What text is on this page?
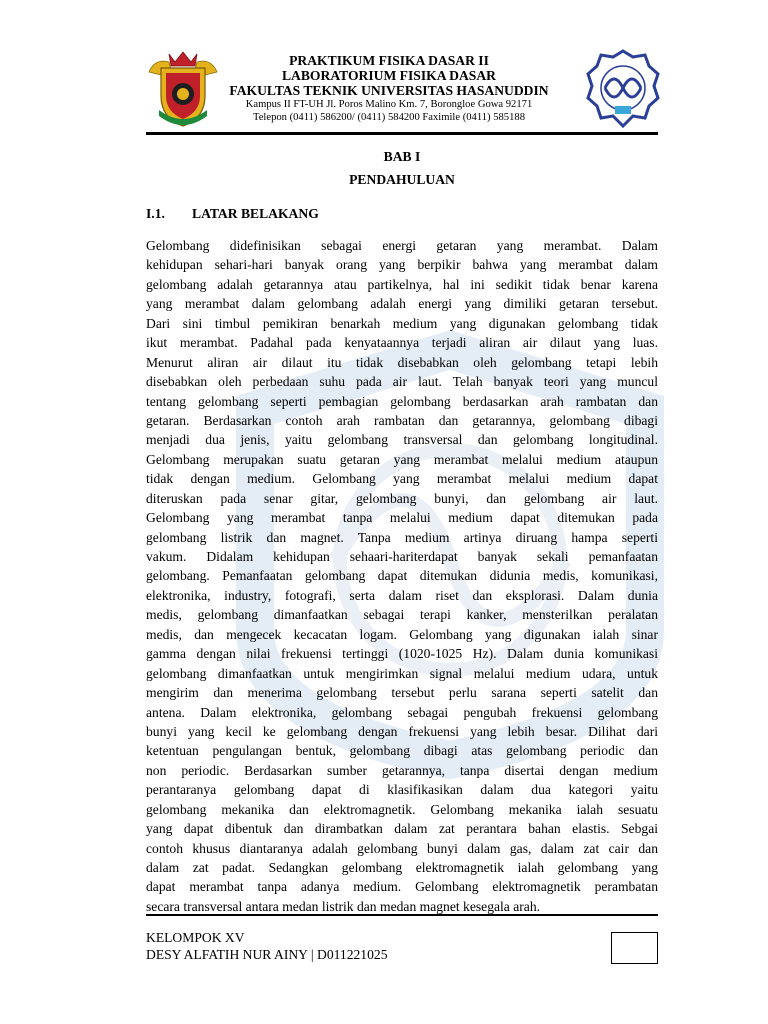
PRAKTIKUM FISIKA DASAR II
LABORATORIUM FISIKA DASAR
FAKULTAS TEKNIK UNIVERSITAS HASANUDDIN
Kampus II FT-UH Jl. Poros Malino Km. 7, Borongloe Gowa 92171
Telepon (0411) 586200/ (0411) 584200 Faximile (0411) 585188
BAB I
PENDAHULUAN
I.1. LATAR BELAKANG
Gelombang didefinisikan sebagai energi getaran yang merambat. Dalam
kehidupan sehari-hari banyak orang yang berpikir bahwa yang merambat dalam
gelombang adalah getarannya atau partikelnya, hal ini sedikit tidak benar karena
yang merambat dalam gelombang adalah energi yang dimiliki getaran tersebut.
Dari sini timbul pemikiran benarkah medium yang digunakan gelombang tidak
ikut merambat. Padahal pada kenyataannya terjadi aliran air dilaut yang luas.
Menurut aliran air dilaut itu tidak disebabkan oleh gelombang tetapi lebih
disebabkan oleh perbedaan suhu pada air laut. Telah banyak teori yang muncul
tentang gelombang seperti pembagian gelombang berdasarkan arah rambatan dan
getaran. Berdasarkan contoh arah rambatan dan getarannya, gelombang dibagi
menjadi dua jenis, yaitu gelombang transversal dan gelombang longitudinal.
Gelombang merupakan suatu getaran yang merambat melalui medium ataupun
tidak dengan medium. Gelombang yang merambat melalui medium dapat
diteruskan pada senar gitar, gelombang bunyi, dan gelombang air laut.
Gelombang yang merambat tanpa melalui medium dapat ditemukan pada
gelombang listrik dan magnet. Tanpa medium artinya diruang hampa seperti
vakum. Didalam kehidupan sehaari-hariterdapat banyak sekali pemanfaatan
gelombang. Pemanfaatan gelombang dapat ditemukan didunia medis, komunikasi,
elektronika, industry, fotografi, serta dalam riset dan eksplorasi. Dalam dunia
medis, gelombang dimanfaatkan sebagai terapi kanker, mensterilkan peralatan
medis, dan mengecek kecacatan logam. Gelombang yang digunakan ialah sinar
gamma dengan nilai frekuensi tertinggi (1020-1025 Hz). Dalam dunia komunikasi
gelombang dimanfaatkan untuk mengirimkan signal melalui medium udara, untuk
mengirim dan menerima gelombang tersebut perlu sarana seperti satelit dan
antena. Dalam elektronika, gelombang sebagai pengubah frekuensi gelombang
bunyi yang kecil ke gelombang dengan frekuensi yang lebih besar. Dilihat dari
ketentuan pengulangan bentuk, gelombang dibagi atas gelombang periodic dan
non periodic. Berdasarkan sumber getarannya, tanpa disertai dengan medium
perantaranya gelombang dapat di klasifikasikan dalam dua kategori yaitu
gelombang mekanika dan elektromagnetik. Gelombang mekanika ialah sesuatu
yang dapat dibentuk dan dirambatkan dalam zat perantara bahan elastis. Sebgai
contoh khusus diantaranya adalah gelombang bunyi dalam gas, dalam zat cair dan
dalam zat padat. Sedangkan gelombang elektromagnetik ialah gelombang yang
dapat merambat tanpa adanya medium. Gelombang elektromagnetik perambatan
secara transversal antara medan listrik dan medan magnet kesegala arah.
KELOMPOK XV
DESY ALFATIH NUR AINY | D011221025
